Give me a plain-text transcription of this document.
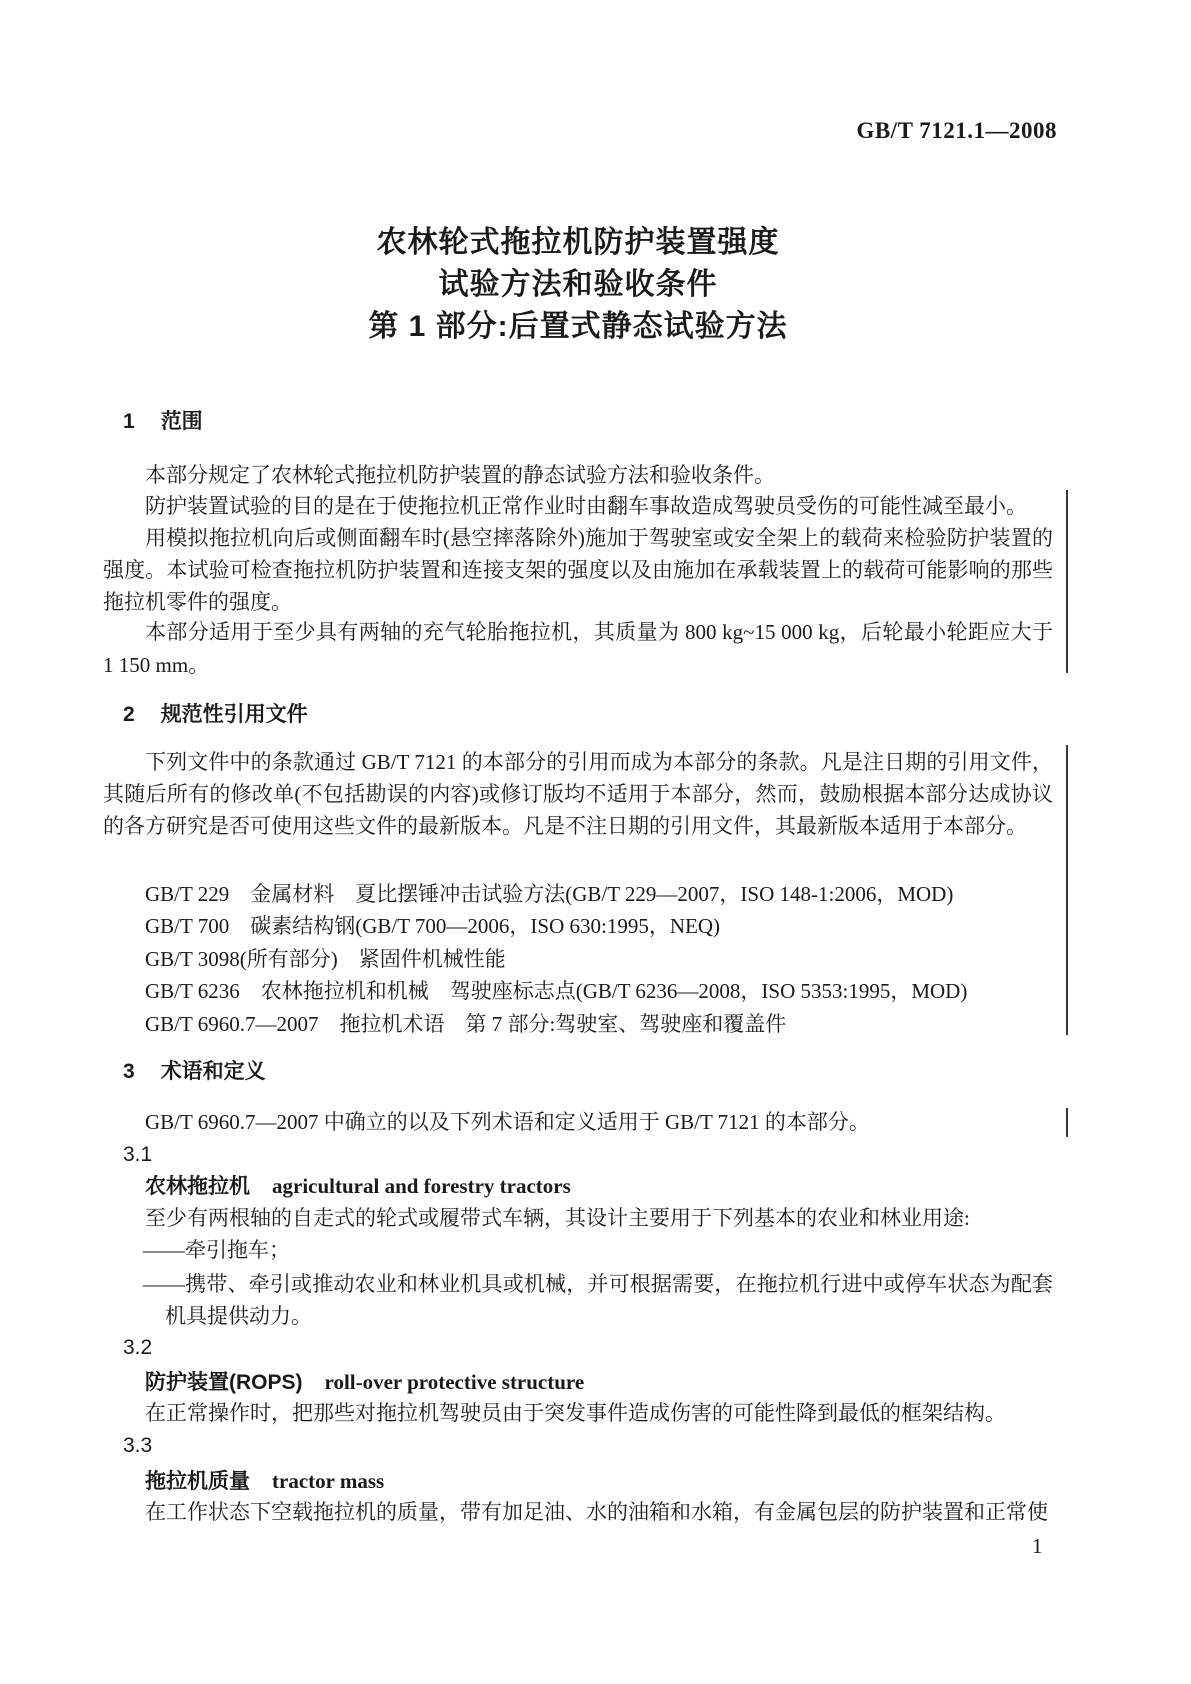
GB/T 7121.1—2008
农林轮式拖拉机防护装置强度
试验方法和验收条件
第 1 部分:后置式静态试验方法
1 范围
本部分规定了农林轮式拖拉机防护装置的静态试验方法和验收条件。
防护装置试验的目的是在于使拖拉机正常作业时由翻车事故造成驾驶员受伤的可能性减至最小。
用模拟拖拉机向后或侧面翻车时(悬空摔落除外)施加于驾驶室或安全架上的载荷来检验防护装置的强度。本试验可检查拖拉机防护装置和连接支架的强度以及由施加在承载装置上的载荷可能影响的那些拖拉机零件的强度。
本部分适用于至少具有两轴的充气轮胎拖拉机，其质量为 800 kg~15 000 kg，后轮最小轮距应大于 1 150 mm。
2 规范性引用文件
下列文件中的条款通过 GB/T 7121 的本部分的引用而成为本部分的条款。凡是注日期的引用文件，其随后所有的修改单(不包括勘误的内容)或修订版均不适用于本部分，然而，鼓励根据本部分达成协议的各方研究是否可使用这些文件的最新版本。凡是不注日期的引用文件，其最新版本适用于本部分。
GB/T 229　金属材料　夏比摆锤冲击试验方法(GB/T 229—2007，ISO 148-1:2006，MOD)
GB/T 700　碳素结构钢(GB/T 700—2006，ISO 630:1995，NEQ)
GB/T 3098(所有部分)　紧固件机械性能
GB/T 6236　农林拖拉机和机械　驾驶座标志点(GB/T 6236—2008，ISO 5353:1995，MOD)
GB/T 6960.7—2007　拖拉机术语　第 7 部分:驾驶室、驾驶座和覆盖件
3 术语和定义
GB/T 6960.7—2007 中确立的以及下列术语和定义适用于 GB/T 7121 的本部分。
3.1
农林拖拉机 agricultural and forestry tractors
至少有两根轴的自走式的轮式或履带式车辆，其设计主要用于下列基本的农业和林业用途:
——牵引拖车；
——携带、牵引或推动农业和林业机具或机械，并可根据需要，在拖拉机行进中或停车状态为配套机具提供动力。
3.2
防护装置(ROPS) roll-over protective structure
在正常操作时，把那些对拖拉机驾驶员由于突发事件造成伤害的可能性降到最低的框架结构。
3.3
拖拉机质量 tractor mass
在工作状态下空载拖拉机的质量，带有加足油、水的油箱和水箱，有金属包层的防护装置和正常使
1
